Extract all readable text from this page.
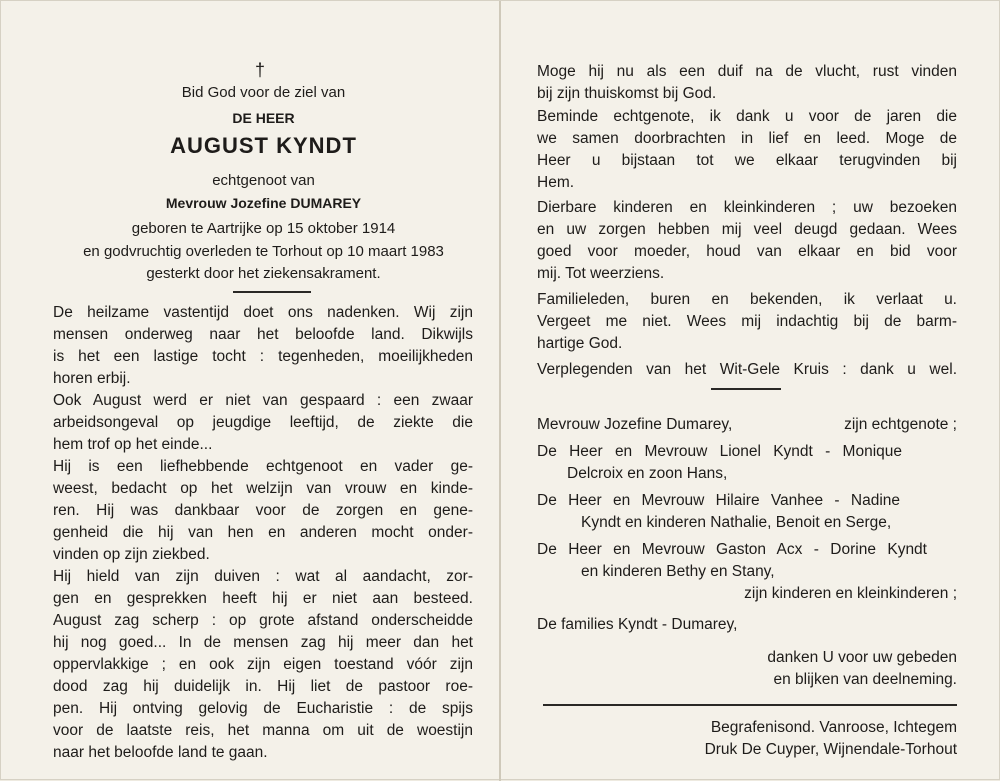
†
Bid God voor de ziel van
DE HEER
AUGUST KYNDT
echtgenoot van
Mevrouw Jozefine DUMAREY
geboren te Aartrijke op 15 oktober 1914
en godvruchtig overleden te Torhout op 10 maart 1983
gesterkt door het ziekensakrament.
De heilzame vastentijd doet ons nadenken. Wij zijn
mensen onderweg naar het beloofde land. Dikwijls
is het een lastige tocht : tegenheden, moeilijkheden
horen erbij.
Ook August werd er niet van gespaard : een zwaar
arbeidsongeval op jeugdige leeftijd, de ziekte die
hem trof op het einde...
Hij is een liefhebbende echtgenoot en vader ge-
weest, bedacht op het welzijn van vrouw en kinde-
ren. Hij was dankbaar voor de zorgen en gene-
genheid die hij van hen en anderen mocht onder-
vinden op zijn ziekbed.
Hij hield van zijn duiven : wat al aandacht, zor-
gen en gesprekken heeft hij er niet aan besteed.
August zag scherp : op grote afstand onderscheidde
hij nog goed... In de mensen zag hij meer dan het
oppervlakkige ; en ook zijn eigen toestand vóór zijn
dood zag hij duidelijk in. Hij liet de pastoor roe-
pen. Hij ontving gelovig de Eucharistie : de spijs
voor de laatste reis, het manna om uit de woestijn
naar het beloofde land te gaan.
Moge hij nu als een duif na de vlucht, rust vinden
bij zijn thuiskomst bij God.
Beminde echtgenote, ik dank u voor de jaren die
we samen doorbrachten in lief en leed. Moge de
Heer u bijstaan tot we elkaar terugvinden bij
Hem.
Dierbare kinderen en kleinkinderen ; uw bezoeken
en uw zorgen hebben mij veel deugd gedaan. Wees
goed voor moeder, houd van elkaar en bid voor
mij. Tot weerziens.
Familieleden, buren en bekenden, ik verlaat u.
Vergeet me niet. Wees mij indachtig bij de barm-
hartige God.
Verplegenden van het Wit-Gele Kruis : dank u wel.
Mevrouw Jozefine Dumarey,	zijn echtgenote ;
De Heer en Mevrouw Lionel Kyndt - Monique
Delcroix en zoon Hans,
De Heer en Mevrouw Hilaire Vanhee - Nadine
Kyndt en kinderen Nathalie, Benoit en Serge,
De Heer en Mevrouw Gaston Acx - Dorine Kyndt
en kinderen Bethy en Stany,
zijn kinderen en kleinkinderen ;
De families Kyndt - Dumarey,
danken U voor uw gebeden
en blijken van deelneming.
Begrafenisond. Vanroose, Ichtegem
Druk De Cuyper, Wijnendale-Torhout
